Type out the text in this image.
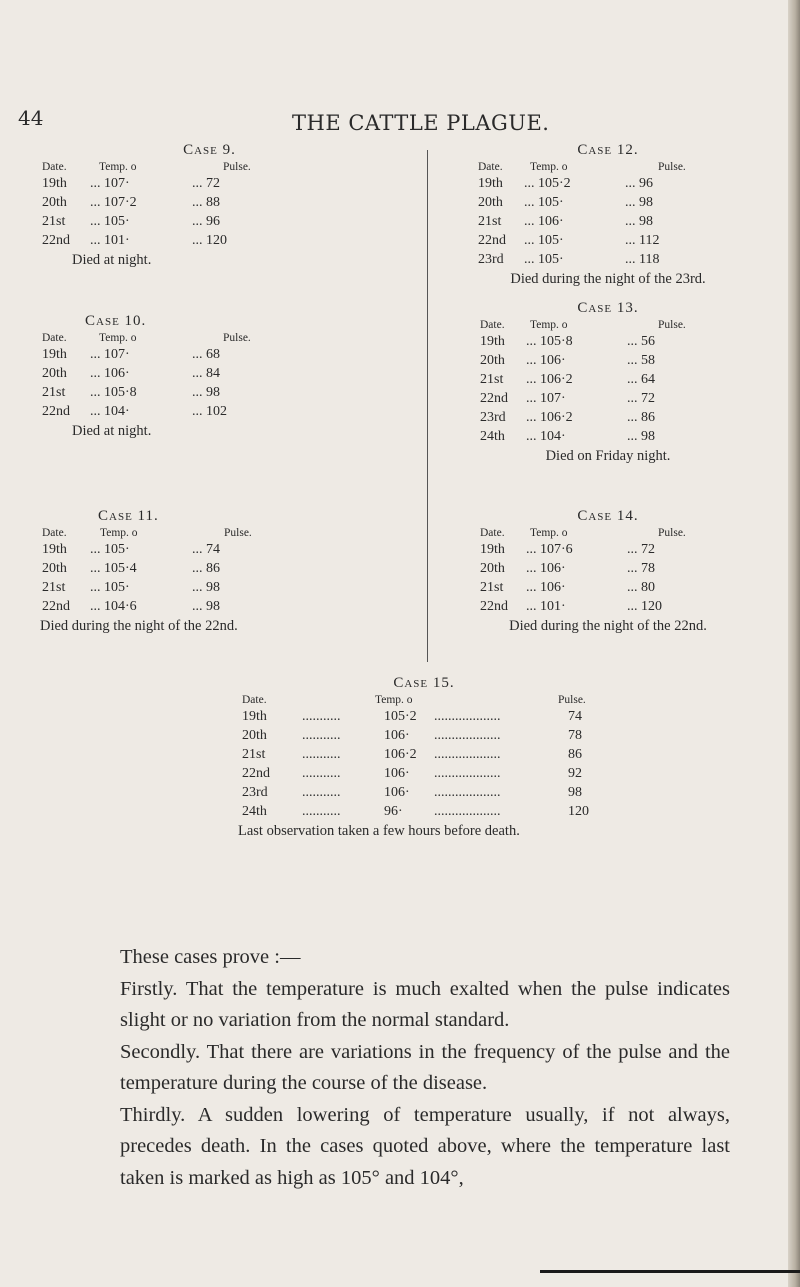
44	THE CATTLE PLAGUE.
Case 9.
Date.	Temp. o	Pulse.
19th ... 107·	... 72
20th ... 107·2	... 88
21st ... 105·	... 96
22nd ... 101·	... 120
Died at night.
Case 10.
Date.	Temp. o	Pulse.
19th ... 107·	... 68
20th ... 106·	... 84
21st ... 105·8	... 98
22nd ... 104·	... 102
Died at night.
Case 11.
Date.	Temp. o	Pulse.
19th ... 105·	... 74
20th ... 105·4	... 86
21st ... 105·	... 98
22nd ... 104·6	... 98
Died during the night of the 22nd.
Case 12.
Date. Temp. o	Pulse.
19th ... 105·2	... 96
20th ... 105·	... 98
21st ... 106·	... 98
22nd ... 105·	... 112
23rd ... 105·	... 118
Died during the night of the 23rd.
Case 13.
Date. Temp. o	Pulse.
19th ... 105·8	... 56
20th ... 106·	... 58
21st ... 106·2	... 64
22nd ... 107·	... 72
23rd ... 106·2	... 86
24th ... 104·	... 98
Died on Friday night.
Case 14.
Date. Temp. o	Pulse.
19th ... 107·6	... 72
20th ... 106·	... 78
21st ... 106·	... 80
22nd ... 101·	... 120
Died during the night of the 22nd.
Case 15.
Date.	Temp. o	Pulse.
19th	...........	105·2 ...................	74
20th	...........	106· ...................	78
21st	...........	106·2 ...................	86
22nd ...........	106· ...................	92
23rd ...........	106· ...................	98
24th	...........	96· ...................	120
Last observation taken a few hours before death.

These cases prove :—

Firstly. That the temperature is much exalted when the pulse indicates slight or no variation from the normal standard.

Secondly. That there are variations in the frequency of the pulse and the temperature during the course of the disease.

Thirdly. A sudden lowering of temperature usually, if not always, precedes death. In the cases quoted above, where the temperature last taken is marked as high as 105° and 104°,
